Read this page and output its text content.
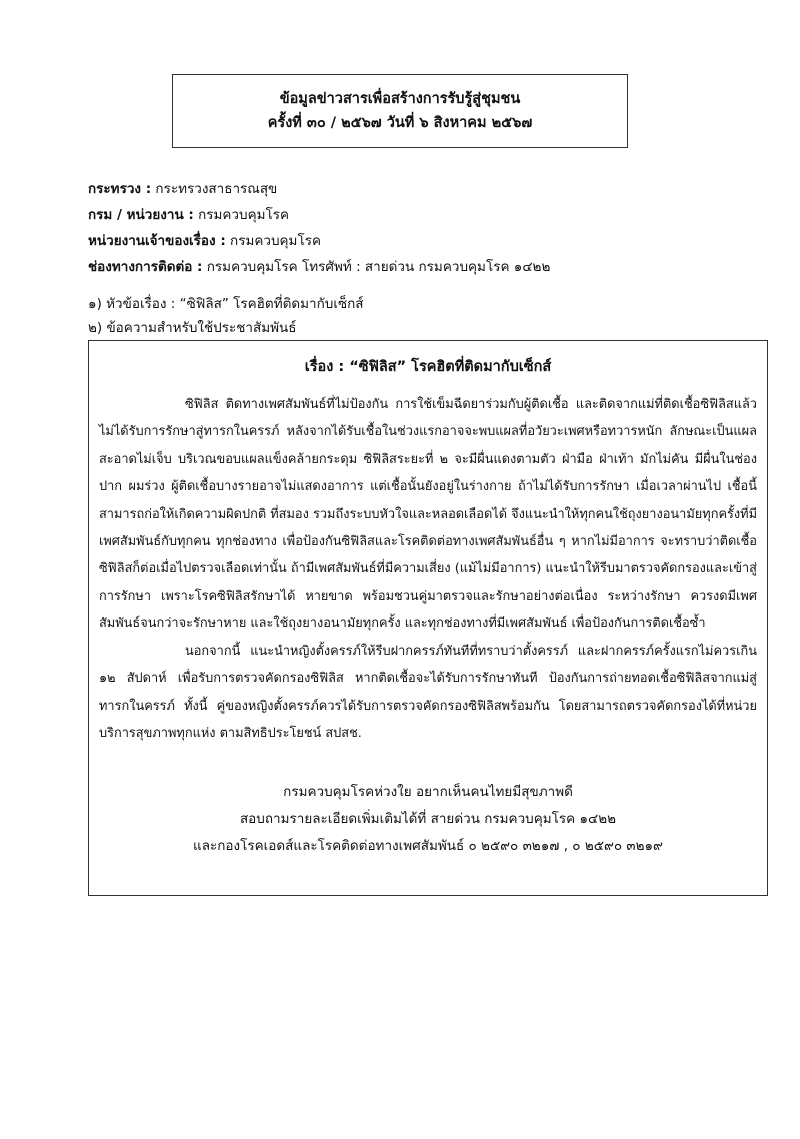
ข้อมูลข่าวสารเพื่อสร้างการรับรู้สู่ชุมชน
ครั้งที่ ๓๐ / ๒๕๖๗ วันที่ ๖ สิงหาคม ๒๕๖๗
กระทรวง : กระทรวงสาธารณสุข
กรม / หน่วยงาน : กรมควบคุมโรค
หน่วยงานเจ้าของเรื่อง : กรมควบคุมโรค
ช่องทางการติดต่อ : กรมควบคุมโรค โทรศัพท์ : สายด่วน กรมควบคุมโรค ๑๔๒๒
๑) หัวข้อเรื่อง : “ซิฟิลิส” โรคฮิตที่ติดมากับเซ็กส์
๒) ข้อความสำหรับใช้ประชาสัมพันธ์
เรื่อง : “ซิฟิลิส” โรคฮิตที่ติดมากับเซ็กส์
ซิฟิลิส ติดทางเพศสัมพันธ์ที่ไม่ป้องกัน การใช้เข็มฉีดยาร่วมกับผู้ติดเชื้อ และติดจากแม่ที่ติดเชื้อซิฟิลิสแล้วไม่ได้รับการรักษาสู่ทารกในครรภ์ หลังจากได้รับเชื้อในช่วงแรกอาจจะพบแผลที่อวัยวะเพศหรือทวารหนัก ลักษณะเป็นแผลสะอาดไม่เจ็บ บริเวณขอบแผลแข็งคล้ายกระดุม ซิฟิลิสระยะที่ ๒ จะมีผื่นแดงตามตัว ฝ่ามือ ฝ่าเท้า มักไม่คัน มีผื่นในช่องปาก ผมร่วง ผู้ติดเชื้อบางรายอาจไม่แสดงอาการ แต่เชื้อนั้นยังอยู่ในร่างกาย ถ้าไม่ได้รับการรักษา เมื่อเวลาผ่านไป เชื้อนี้สามารถก่อให้เกิดความผิดปกติ ที่สมอง รวมถึงระบบหัวใจและหลอดเลือดได้ จึงแนะนำให้ทุกคนใช้ถุงยางอนามัยทุกครั้งที่มีเพศสัมพันธ์กับทุกคน ทุกช่องทาง เพื่อป้องกันซิฟิลิสและโรคติดต่อทางเพศสัมพันธ์อื่น ๆ หากไม่มีอาการ จะทราบว่าติดเชื้อซิฟิลิสก็ต่อเมื่อไปตรวจเลือดเท่านั้น ถ้ามีเพศสัมพันธ์ที่มีความเสี่ยง (แม้ไม่มีอาการ) แนะนำให้รีบมาตรวจคัดกรองและเข้าสู่การรักษา เพราะโรคซิฟิลิสรักษาได้ หายขาด พร้อมชวนคู่มาตรวจและรักษาอย่างต่อเนื่อง ระหว่างรักษา ควรงดมีเพศสัมพันธ์จนกว่าจะรักษาหาย และใช้ถุงยางอนามัยทุกครั้ง และทุกช่องทางที่มีเพศสัมพันธ์ เพื่อป้องกันการติดเชื้อซ้ำ
นอกจากนี้ แนะนำหญิงตั้งครรภ์ให้รีบฝากครรภ์ทันทีที่ทราบว่าตั้งครรภ์ และฝากครรภ์ครั้งแรกไม่ควรเกิน ๑๒ สัปดาห์ เพื่อรับการตรวจคัดกรองซิฟิลิส หากติดเชื้อจะได้รับการรักษาทันที ป้องกันการถ่ายทอดเชื้อซิฟิลิสจากแม่สู่ทารกในครรภ์ ทั้งนี้ คู่ของหญิงตั้งครรภ์ควรได้รับการตรวจคัดกรองซิฟิลิสพร้อมกัน โดยสามารถตรวจคัดกรองได้ที่หน่วยบริการสุขภาพทุกแห่ง ตามสิทธิประโยชน์ สปสช.
กรมควบคุมโรคห่วงใย อยากเห็นคนไทยมีสุขภาพดี
สอบถามรายละเอียดเพิ่มเติมได้ที่ สายด่วน กรมควบคุมโรค ๑๔๒๒
และกองโรคเอดส์และโรคติดต่อทางเพศสัมพันธ์ ๐ ๒๕๙๐ ๓๒๑๗ , ๐ ๒๕๙๐ ๓๒๑๙
